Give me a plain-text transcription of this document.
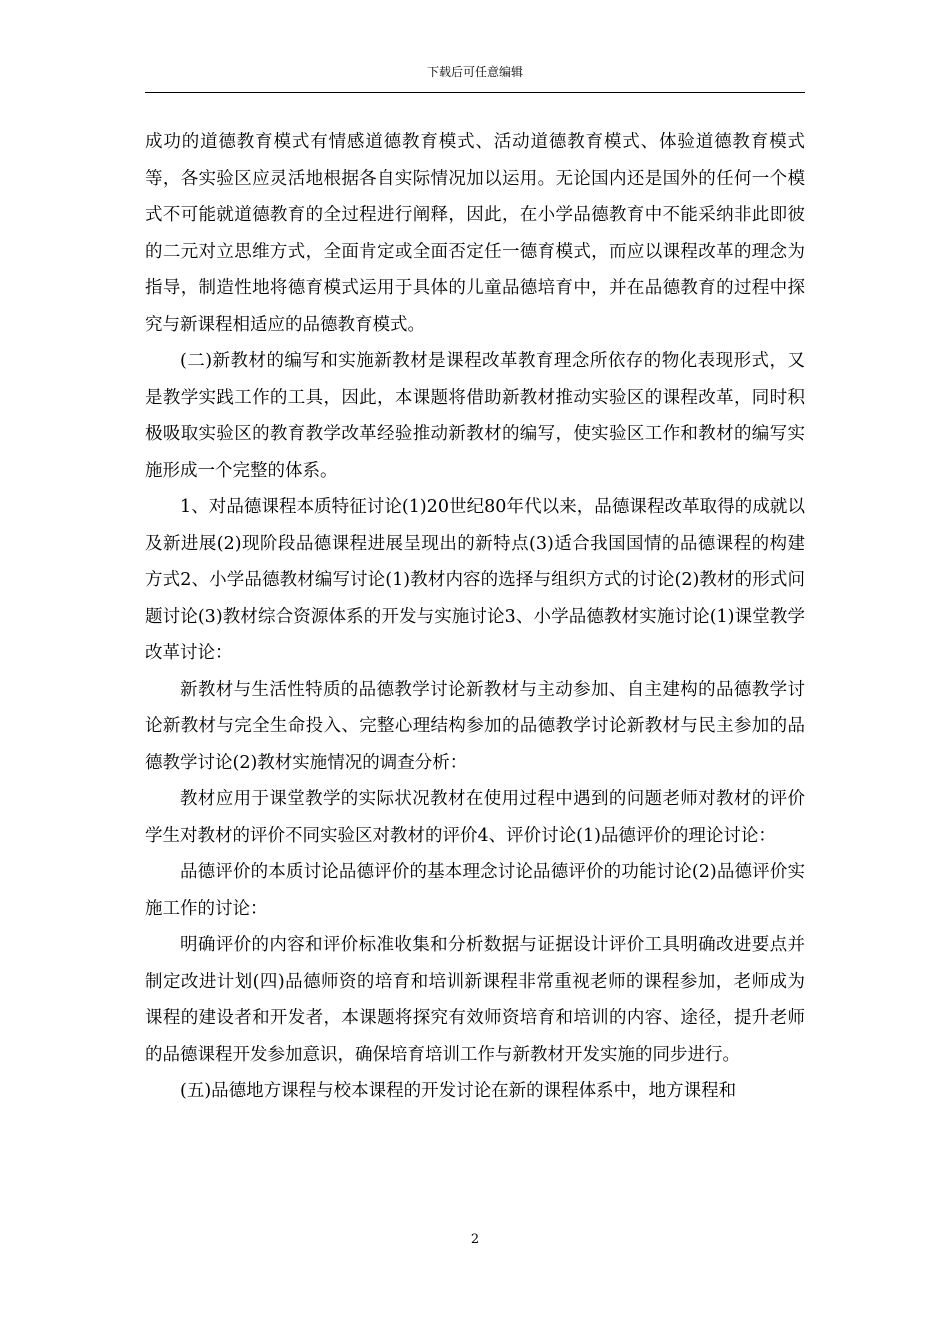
下载后可任意编辑

成功的道德教育模式有情感道德教育模式、活动道德教育模式、体验道德教育模式等，各实验区应灵活地根据各自实际情况加以运用。无论国内还是国外的任何一个模式不可能就道德教育的全过程进行阐释，因此，在小学品德教育中不能采纳非此即彼的二元对立思维方式，全面肯定或全面否定任一德育模式，而应以课程改革的理念为指导，制造性地将德育模式运用于具体的儿童品德培育中，并在品德教育的过程中探究与新课程相适应的品德教育模式。

(二)新教材的编写和实施新教材是课程改革教育理念所依存的物化表现形式，又是教学实践工作的工具，因此，本课题将借助新教材推动实验区的课程改革，同时积极吸取实验区的教育教学改革经验推动新教材的编写，使实验区工作和教材的编写实施形成一个完整的体系。

1、对品德课程本质特征讨论(1)20世纪80年代以来，品德课程改革取得的成就以及新进展(2)现阶段品德课程进展呈现出的新特点(3)适合我国国情的品德课程的构建方式2、小学品德教材编写讨论(1)教材内容的选择与组织方式的讨论(2)教材的形式问题讨论(3)教材综合资源体系的开发与实施讨论3、小学品德教材实施讨论(1)课堂教学改革讨论：

新教材与生活性特质的品德教学讨论新教材与主动参加、自主建构的品德教学讨论新教材与完全生命投入、完整心理结构参加的品德教学讨论新教材与民主参加的品德教学讨论(2)教材实施情况的调查分析：

教材应用于课堂教学的实际状况教材在使用过程中遇到的问题老师对教材的评价学生对教材的评价不同实验区对教材的评价4、评价讨论(1)品德评价的理论讨论：

品德评价的本质讨论品德评价的基本理念讨论品德评价的功能讨论(2)品德评价实施工作的讨论：

明确评价的内容和评价标准收集和分析数据与证据设计评价工具明确改进要点并制定改进计划(四)品德师资的培育和培训新课程非常重视老师的课程参加，老师成为课程的建设者和开发者，本课题将探究有效师资培育和培训的内容、途径，提升老师的品德课程开发参加意识，确保培育培训工作与新教材开发实施的同步进行。

(五)品德地方课程与校本课程的开发讨论在新的课程体系中，地方课程和

2
